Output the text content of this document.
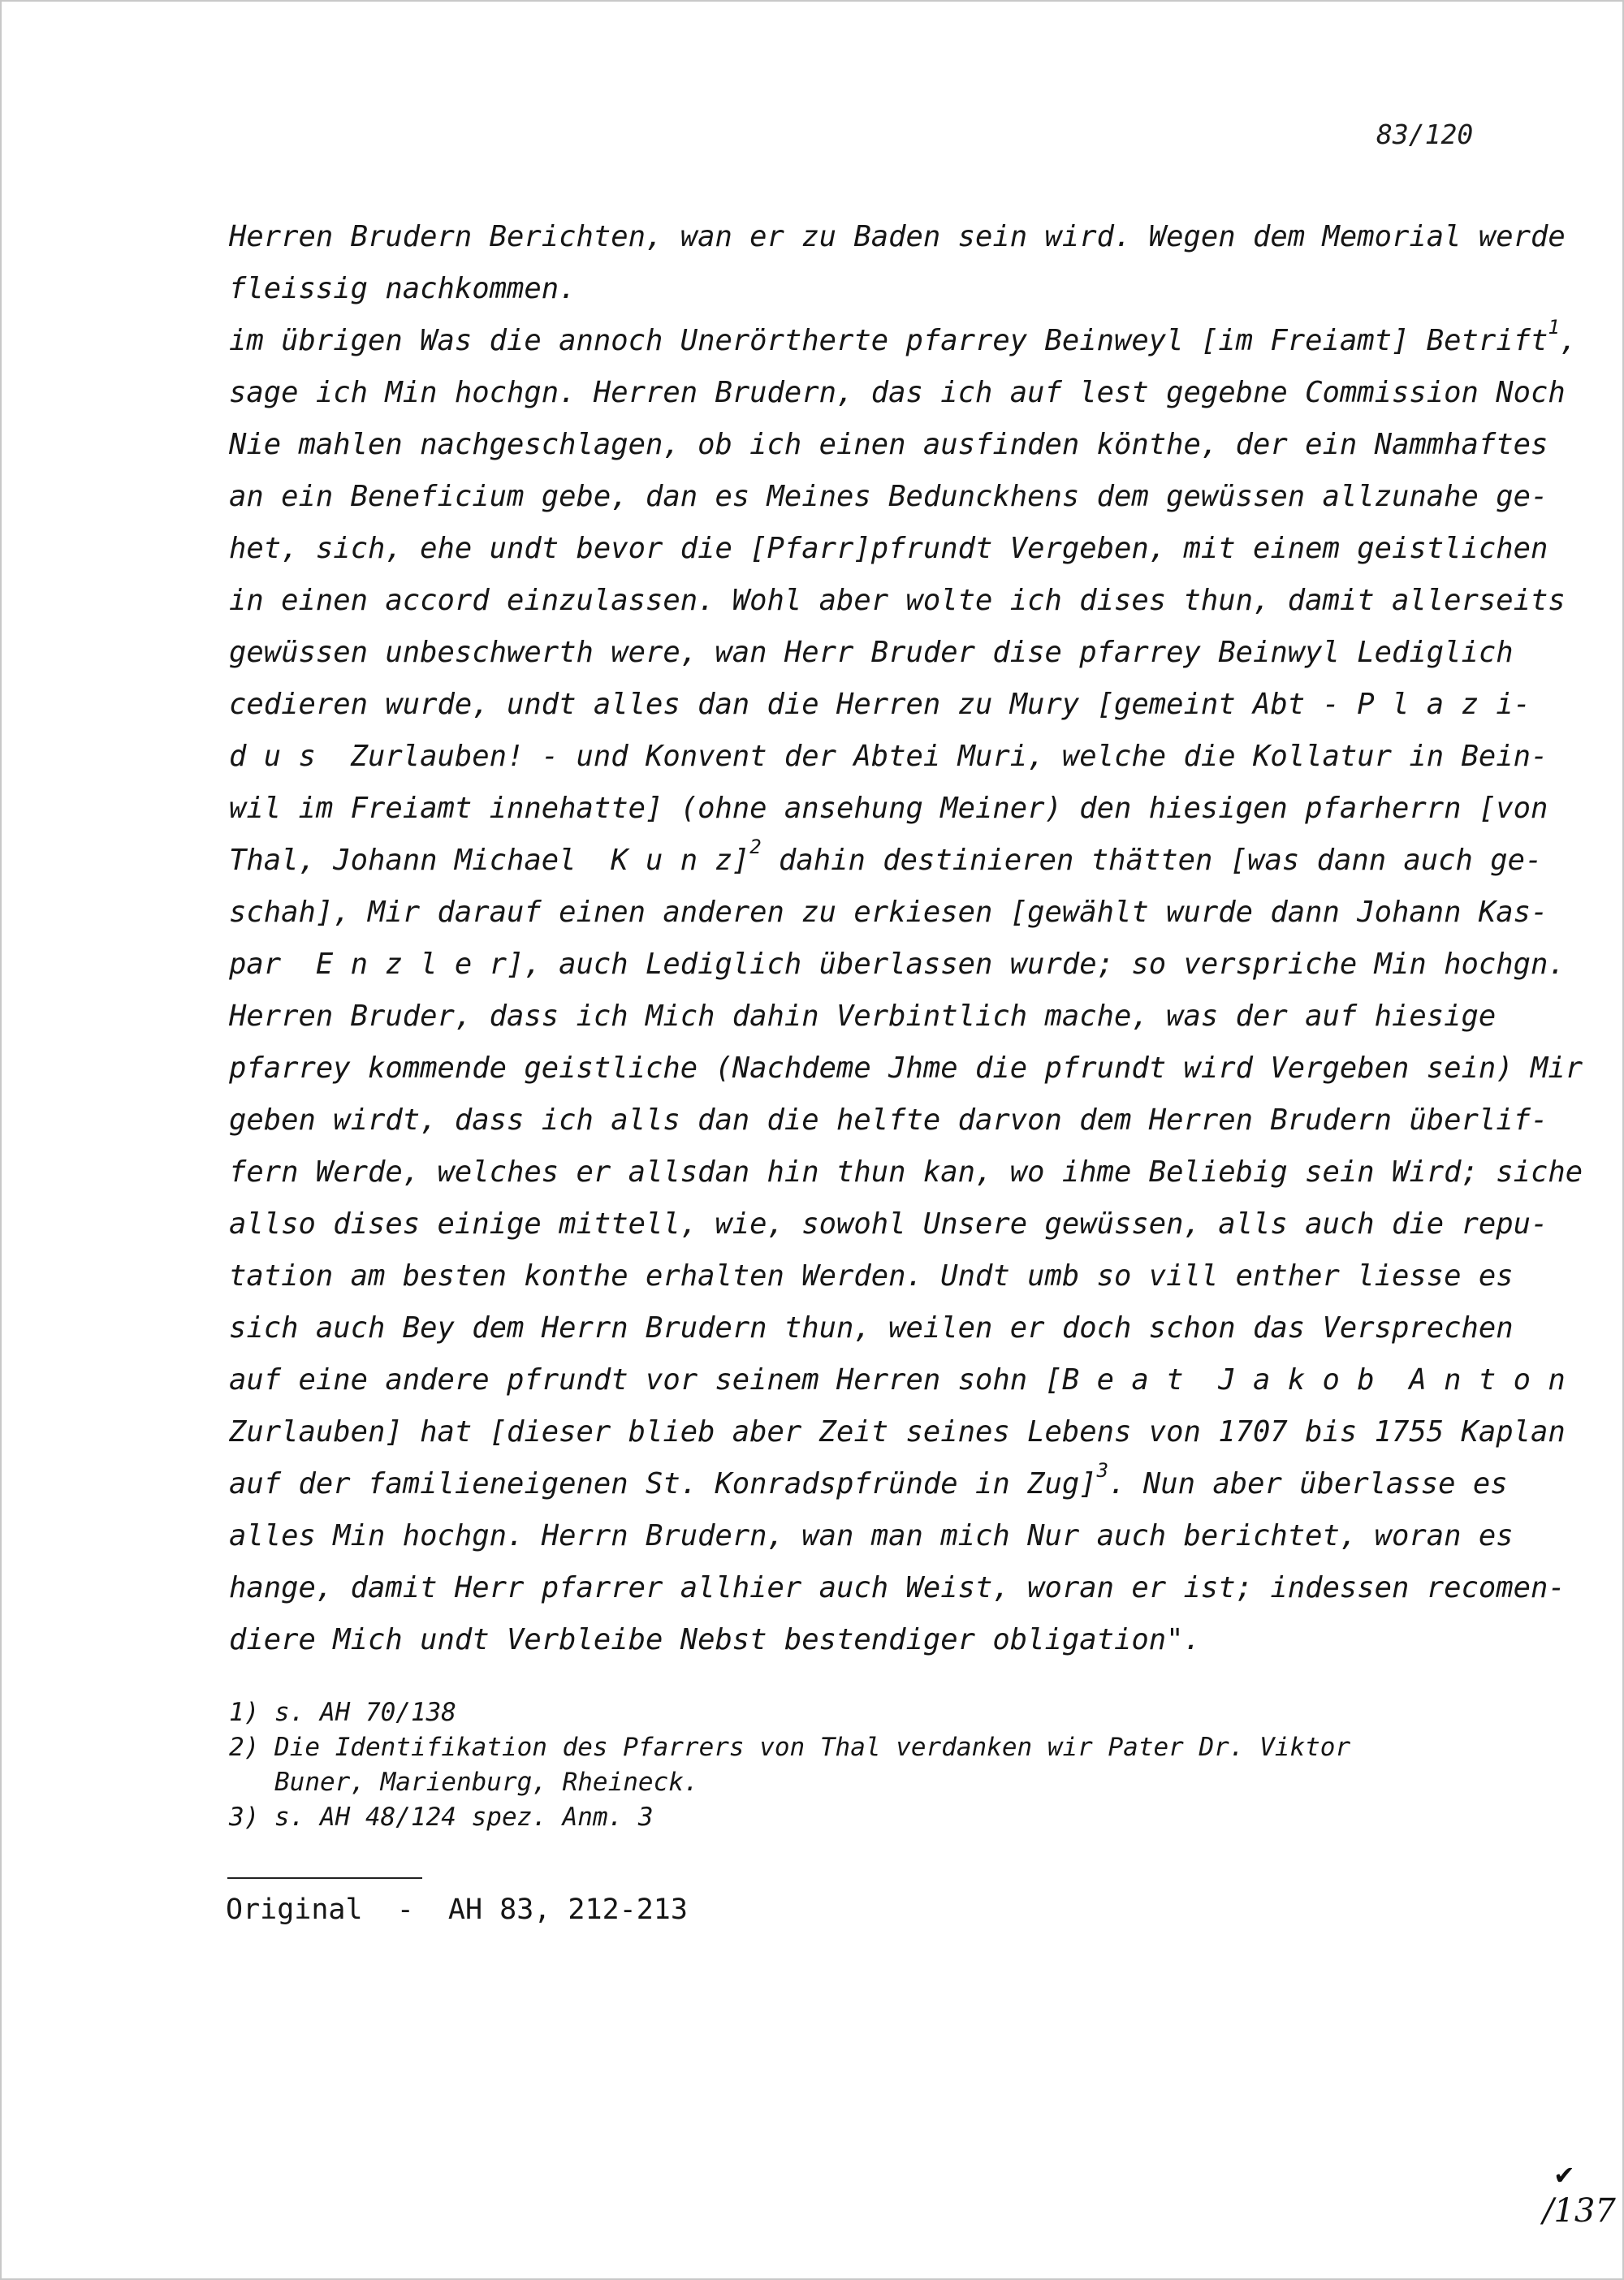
83/120
Herren Brudern Berichten, wan er zu Baden sein wird. Wegen dem Memorial werde
fleissig nachkommen.
im übrigen Was die annoch Unerörtherte pfarrey Beinweyl [im Freiamt] Betrift$^1$,
sage ich Min hochgn. Herren Brudern, das ich auf lest gegebne Commission Noch
Nie mahlen nachgeschlagen, ob ich einen ausfinden könthe, der ein Nammhaftes
an ein Beneficium gebe, dan es Meines Bedunckhens dem gewüssen allzunahe ge-
het, sich, ehe undt bevor die [Pfarr]pfrundt Vergeben, mit einem geistlichen
in einen accord einzulassen. Wohl aber wolte ich dises thun, damit allerseits
gewüssen unbeschwerth were, wan Herr Bruder dise pfarrey Beinwyl Lediglich
cedieren wurde, undt alles dan die Herren zu Mury [gemeint Abt - P l a z i-
d u s  Zurlauben! - und Konvent der Abtei Muri, welche die Kollatur in Bein-
wil im Freiamt innehatte] (ohne ansehung Meiner) den hiesigen pfarherrn [von
Thal, Johann Michael  K u n z]$^2$ dahin destinieren thätten [was dann auch ge-
schah], Mir darauf einen anderen zu erkiesen [gewählt wurde dann Johann Kas-
par  E n z l e r], auch Lediglich überlassen wurde; so verspriche Min hochgn.
Herren Bruder, dass ich Mich dahin Verbintlich mache, was der auf hiesige
pfarrey kommende geistliche (Nachdeme Jhme die pfrundt wird Vergeben sein) Mir
geben wirdt, dass ich alls dan die helfte darvon dem Herren Brudern überlif-
fern Werde, welches er allsdan hin thun kan, wo ihme Beliebig sein Wird; siche
allso dises einige mittell, wie, sowohl Unsere gewüssen, alls auch die repu-
tation am besten konthe erhalten Werden. Undt umb so vill enther liesse es
sich auch Bey dem Herrn Brudern thun, weilen er doch schon das Versprechen
auf eine andere pfrundt vor seinem Herren sohn [B e a t  J a k o b  A n t o n
Zurlauben] hat [dieser blieb aber Zeit seines Lebens von 1707 bis 1755 Kaplan
auf der familieneigenen St. Konradspfründe in Zug]$^3$. Nun aber überlasse es
alles Min hochgn. Herrn Brudern, wan man mich Nur auch berichtet, woran es
hange, damit Herr pfarrer allhier auch Weist, woran er ist; indessen recomen-
diere Mich undt Verbleibe Nebst bestendiger obligation".
1) s. AH 70/138
2) Die Identifikation des Pfarrers von Thal verdanken wir Pater Dr. Viktor
Buner, Marienburg, Rheineck.
3) s. AH 48/124 spez. Anm. 3
Original  -  AH 83, 212-213
✔
/137
